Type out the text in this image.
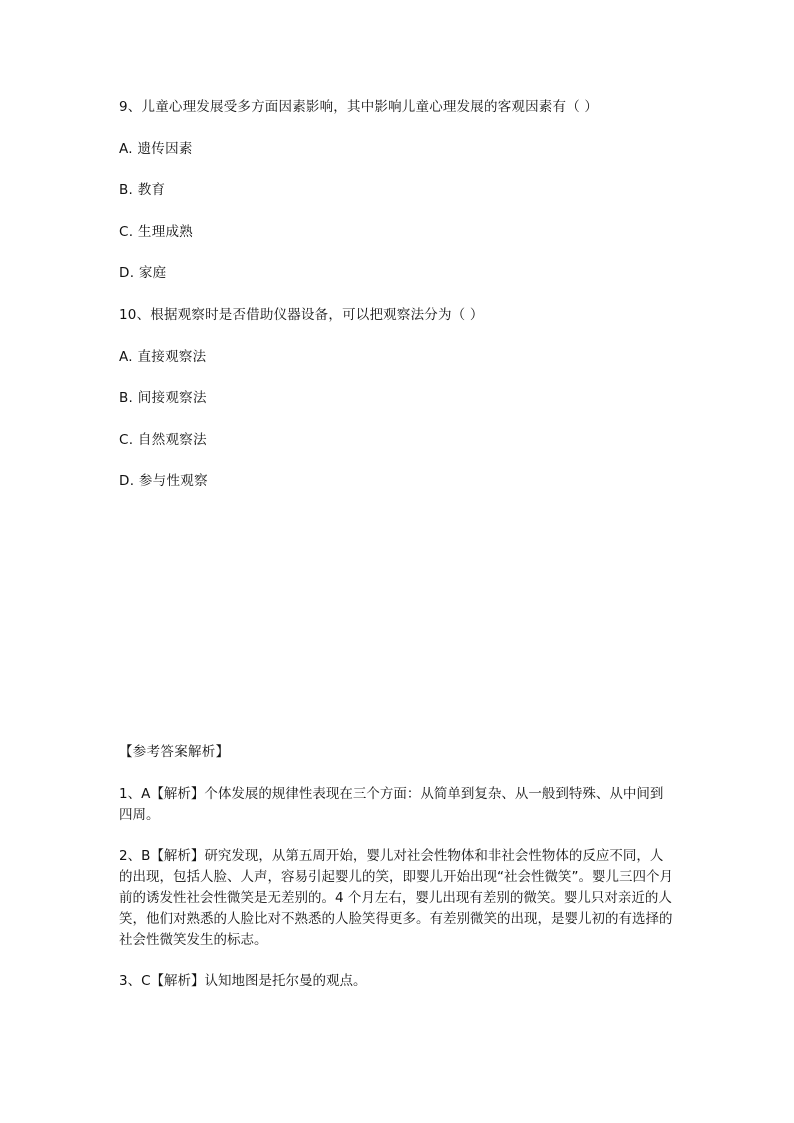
9、儿童心理发展受多方面因素影响，其中影响儿童心理发展的客观因素有（ ）
A. 遗传因素
B. 教育
C. 生理成熟
D. 家庭
10、根据观察时是否借助仪器设备，可以把观察法分为（ ）
A. 直接观察法
B. 间接观察法
C. 自然观察法
D. 参与性观察
【参考答案解析】
1、A【解析】个体发展的规律性表现在三个方面：从简单到复杂、从一般到特殊、从中间到四周。
2、B【解析】研究发现，从第五周开始，婴儿对社会性物体和非社会性物体的反应不同，人的出现，包括人脸、人声，容易引起婴儿的笑，即婴儿开始出现“社会性微笑”。婴儿三四个月前的诱发性社会性微笑是无差别的。4 个月左右，婴儿出现有差别的微笑。婴儿只对亲近的人笑，他们对熟悉的人脸比对不熟悉的人脸笑得更多。有差别微笑的出现，是婴儿初的有选择的社会性微笑发生的标志。
3、C【解析】认知地图是托尔曼的观点。
